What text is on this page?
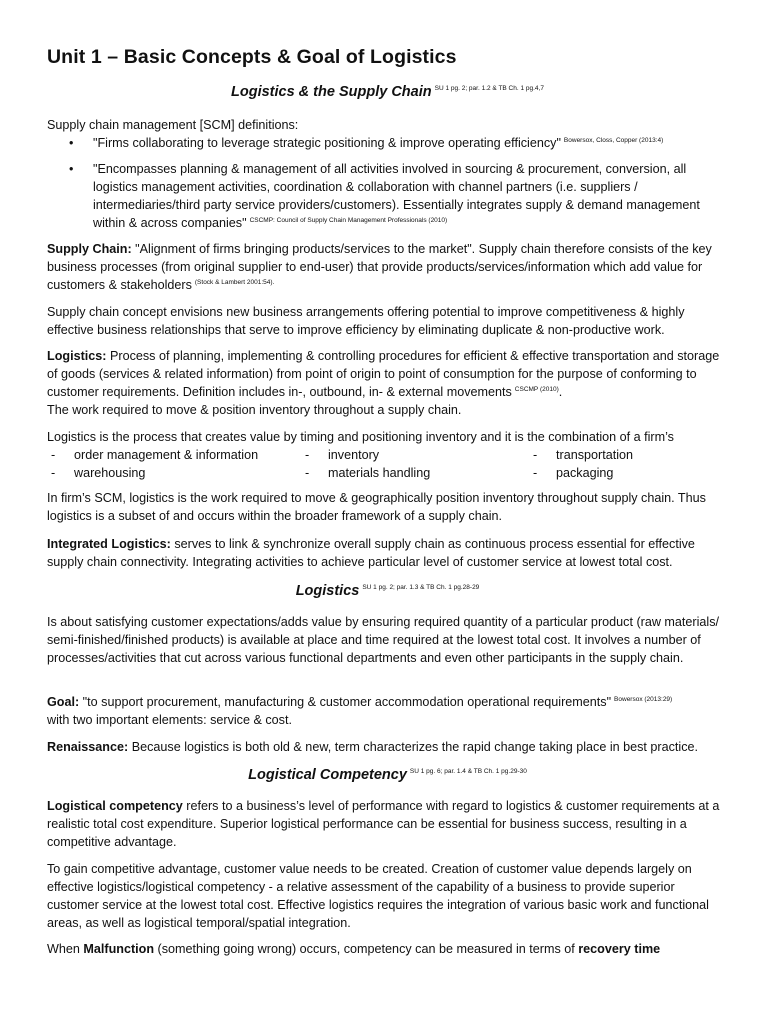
Unit 1 – Basic Concepts & Goal of Logistics
Logistics & the Supply Chain $^{SU 1 pg. 2; par. 1.2 \& TB Ch. 1 pg.4,7}$

Supply chain management [SCM] definitions:

• "Firms collaborating to leverage strategic positioning & improve operating efficiency" $^{Bowersox, Closs, Copper (2013:4)}$
• "Encompasses planning & management of all activities involved in sourcing & procurement, conversion, all logistics management activities, coordination & collaboration with channel partners (i.e. suppliers / intermediaries/third party service providers/customers). Essentially integrates supply & demand management within & across companies" $^{CSCMP: Council of Supply Chain Management Professionals (2010)}$

Supply Chain: "Alignment of firms bringing products/services to the market". Supply chain therefore consists of the key business processes (from original supplier to end-user) that provide products/services/information which add value for customers & stakeholders $^{(Stock \& Lambert 2001:54).}$

Supply chain concept envisions new business arrangements offering potential to improve competitiveness & highly effective business relationships that serve to improve efficiency by eliminating duplicate & non-productive work.

Logistics: Process of planning, implementing & controlling procedures for efficient & effective transportation and storage of goods (services & related information) from point of origin to point of consumption for the purpose of conforming to customer requirements. Definition includes in-, outbound, in- & external movements $^{CSCMP (2010)}$.

The work required to move & position inventory throughout a supply chain.

Logistics is the process that creates value by timing and positioning inventory and it is the combination of a firm’s

- order management & information	- inventory	- transportation
- warehousing	- materials handling	- packaging

In firm’s SCM, logistics is the work required to move & geographically position inventory throughout supply chain. Thus logistics is a subset of and occurs within the broader framework of a supply chain.

Integrated Logistics: serves to link & synchronize overall supply chain as continuous process essential for effective supply chain connectivity. Integrating activities to achieve particular level of customer service at lowest total cost.

Logistics $^{SU 1 pg. 2; par. 1.3 \& TB Ch. 1 pg.28-29}$

Is about satisfying customer expectations/adds value by ensuring required quantity of a particular product (raw materials/ semi-finished/finished products) is available at place and time required at the lowest total cost. It involves a number of processes/activities that cut across various functional departments and even other participants in the supply chain.

Goal: "to support procurement, manufacturing & customer accommodation operational requirements" $^{Bowersox (2013:29)}$

with two important elements: service & cost.

Renaissance: Because logistics is both old & new, term characterizes the rapid change taking place in best practice.

Logistical Competency $^{SU 1 pg. 6; par. 1.4 \& TB Ch. 1 pg.29-30}$

Logistical competency refers to a business’s level of performance with regard to logistics & customer requirements at a realistic total cost expenditure. Superior logistical performance can be essential for business success, resulting in a competitive advantage.

To gain competitive advantage, customer value needs to be created. Creation of customer value depends largely on effective logistics/logistical competency - a relative assessment of the capability of a business to provide superior customer service at the lowest total cost. Effective logistics requires the integration of various basic work and functional areas, as well as logistical temporal/spatial integration.

When Malfunction (something going wrong) occurs, competency can be measured in terms of recovery time
